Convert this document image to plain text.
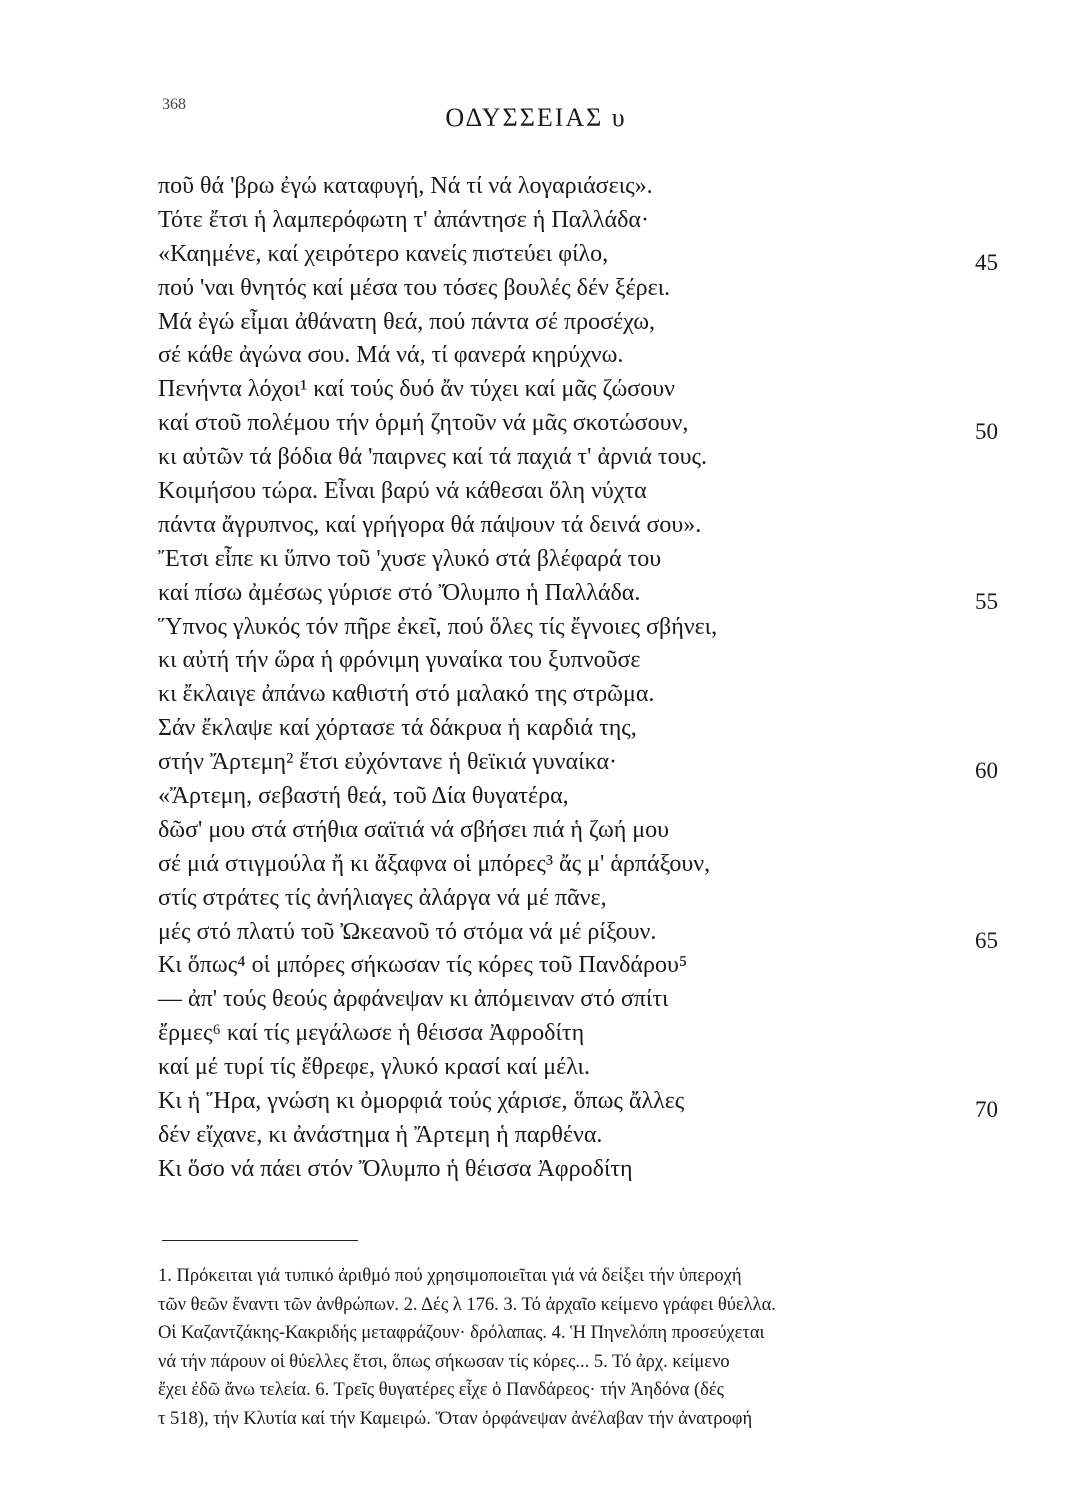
368	ΟΔΥΣΣΕΙΑΣ υ
ποῦ θά 'βρω ἐγώ καταφυγή, Νά τί νά λογαριάσεις».
Τότε ἔτσι ἡ λαμπερόφωτη τ' ἀπάντησε ἡ Παλλάδα·
«Καημένε, καί χειρότερο κανείς πιστεύει φίλο,	45
πού 'ναι θνητός καί μέσα του τόσες βουλές δέν ξέρει.
Μά ἐγώ εἶμαι ἀθάνατη θεά, πού πάντα σέ προσέχω,
σέ κάθε ἀγώνα σου. Μά νά, τί φανερά κηρύχνω.
Πενήντα λόχοι¹ καί τούς δυό ἄν τύχει καί μᾶς ζώσουν
καί στοῦ πολέμου τήν ὁρμή ζητοῦν νά μᾶς σκοτώσουν,	50
κι αὐτῶν τά βόδια θά 'παιρνες καί τά παχιά τ' ἀρνιά τους.
Κοιμήσου τώρα. Εἶναι βαρύ νά κάθεσαι ὅλη νύχτα
πάντα ἄγρυπνος, καί γρήγορα θά πάψουν τά δεινά σου».
Ἔτσι εἶπε κι ὕπνο τοῦ 'χυσε γλυκό στά βλέφαρά του
καί πίσω ἀμέσως γύρισε στό Ὄλυμπο ἡ Παλλάδα.	55
Ὕπνος γλυκός τόν πῆρε ἐκεῖ, πού ὅλες τίς ἔγνοιες σβήνει,
κι αὐτή τήν ὥρα ἡ φρόνιμη γυναίκα του ξυπνοῦσε
κι ἔκλαιγε ἀπάνω καθιστή στό μαλακό της στρῶμα.
Σάν ἔκλαψε καί χόρτασε τά δάκρυα ἡ καρδιά της,
στήν Ἄρτεμη² ἔτσι εὐχόντανε ἡ θεϊκιά γυναίκα·	60
«Ἄρτεμη, σεβαστή θεά, τοῦ Δία θυγατέρα,
δῶσ' μου στά στήθια σαϊτιά νά σβήσει πιά ἡ ζωή μου
σέ μιά στιγμούλα ἤ κι ἄξαφνα οἱ μπόρες³ ἄς μ' ἁρπάξουν,
στίς στράτες τίς ἀνήλιαγες ἀλάργα νά μέ πᾶνε,
μές στό πλατύ τοῦ Ὠκεανοῦ τό στόμα νά μέ ρίξουν.	65
Κι ὅπως⁴ οἱ μπόρες σήκωσαν τίς κόρες τοῦ Πανδάρου⁵
— ἀπ' τούς θεούς ἀρφάνεψαν κι ἀπόμειναν στό σπίτι
ἔρμες⁶ καί τίς μεγάλωσε ἡ θέισσα Ἀφροδίτη
καί μέ τυρί τίς ἔθρεφε, γλυκό κρασί καί μέλι.
Κι ἡ Ἥρα, γνώση κι ὀμορφιά τούς χάρισε, ὅπως ἄλλες	70
δέν εἴχανε, κι ἀνάστημα ἡ Ἄρτεμη ἡ παρθένα.
Κι ὅσο νά πάει στόν Ὄλυμπο ἡ θέισσα Ἀφροδίτη
1. Πρόκειται γιά τυπικό ἀριθμό πού χρησιμοποιεῖται γιά νά δείξει τήν ὑπεροχή
τῶν θεῶν ἔναντι τῶν ἀνθρώπων. 2. Δές λ 176. 3. Τό ἀρχαῖο κείμενο γράφει θύελλα.
Οἱ Καζαντζάκης-Κακριδής μεταφράζουν· δρόλαπας. 4. Ἡ Πηνελόπη προσεύχεται
νά τήν πάρουν οἱ θύελλες ἔτσι, ὅπως σήκωσαν τίς κόρες... 5. Τό ἀρχ. κείμενο
ἔχει ἐδῶ ἄνω τελεία. 6. Τρεῖς θυγατέρες εἶχε ὁ Πανδάρεος· τήν Ἀηδόνα (δές
τ 518), τήν Κλυτία καί τήν Καμειρώ. Ὅταν ὀρφάνεψαν ἀνέλαβαν τήν ἀνατροφή
